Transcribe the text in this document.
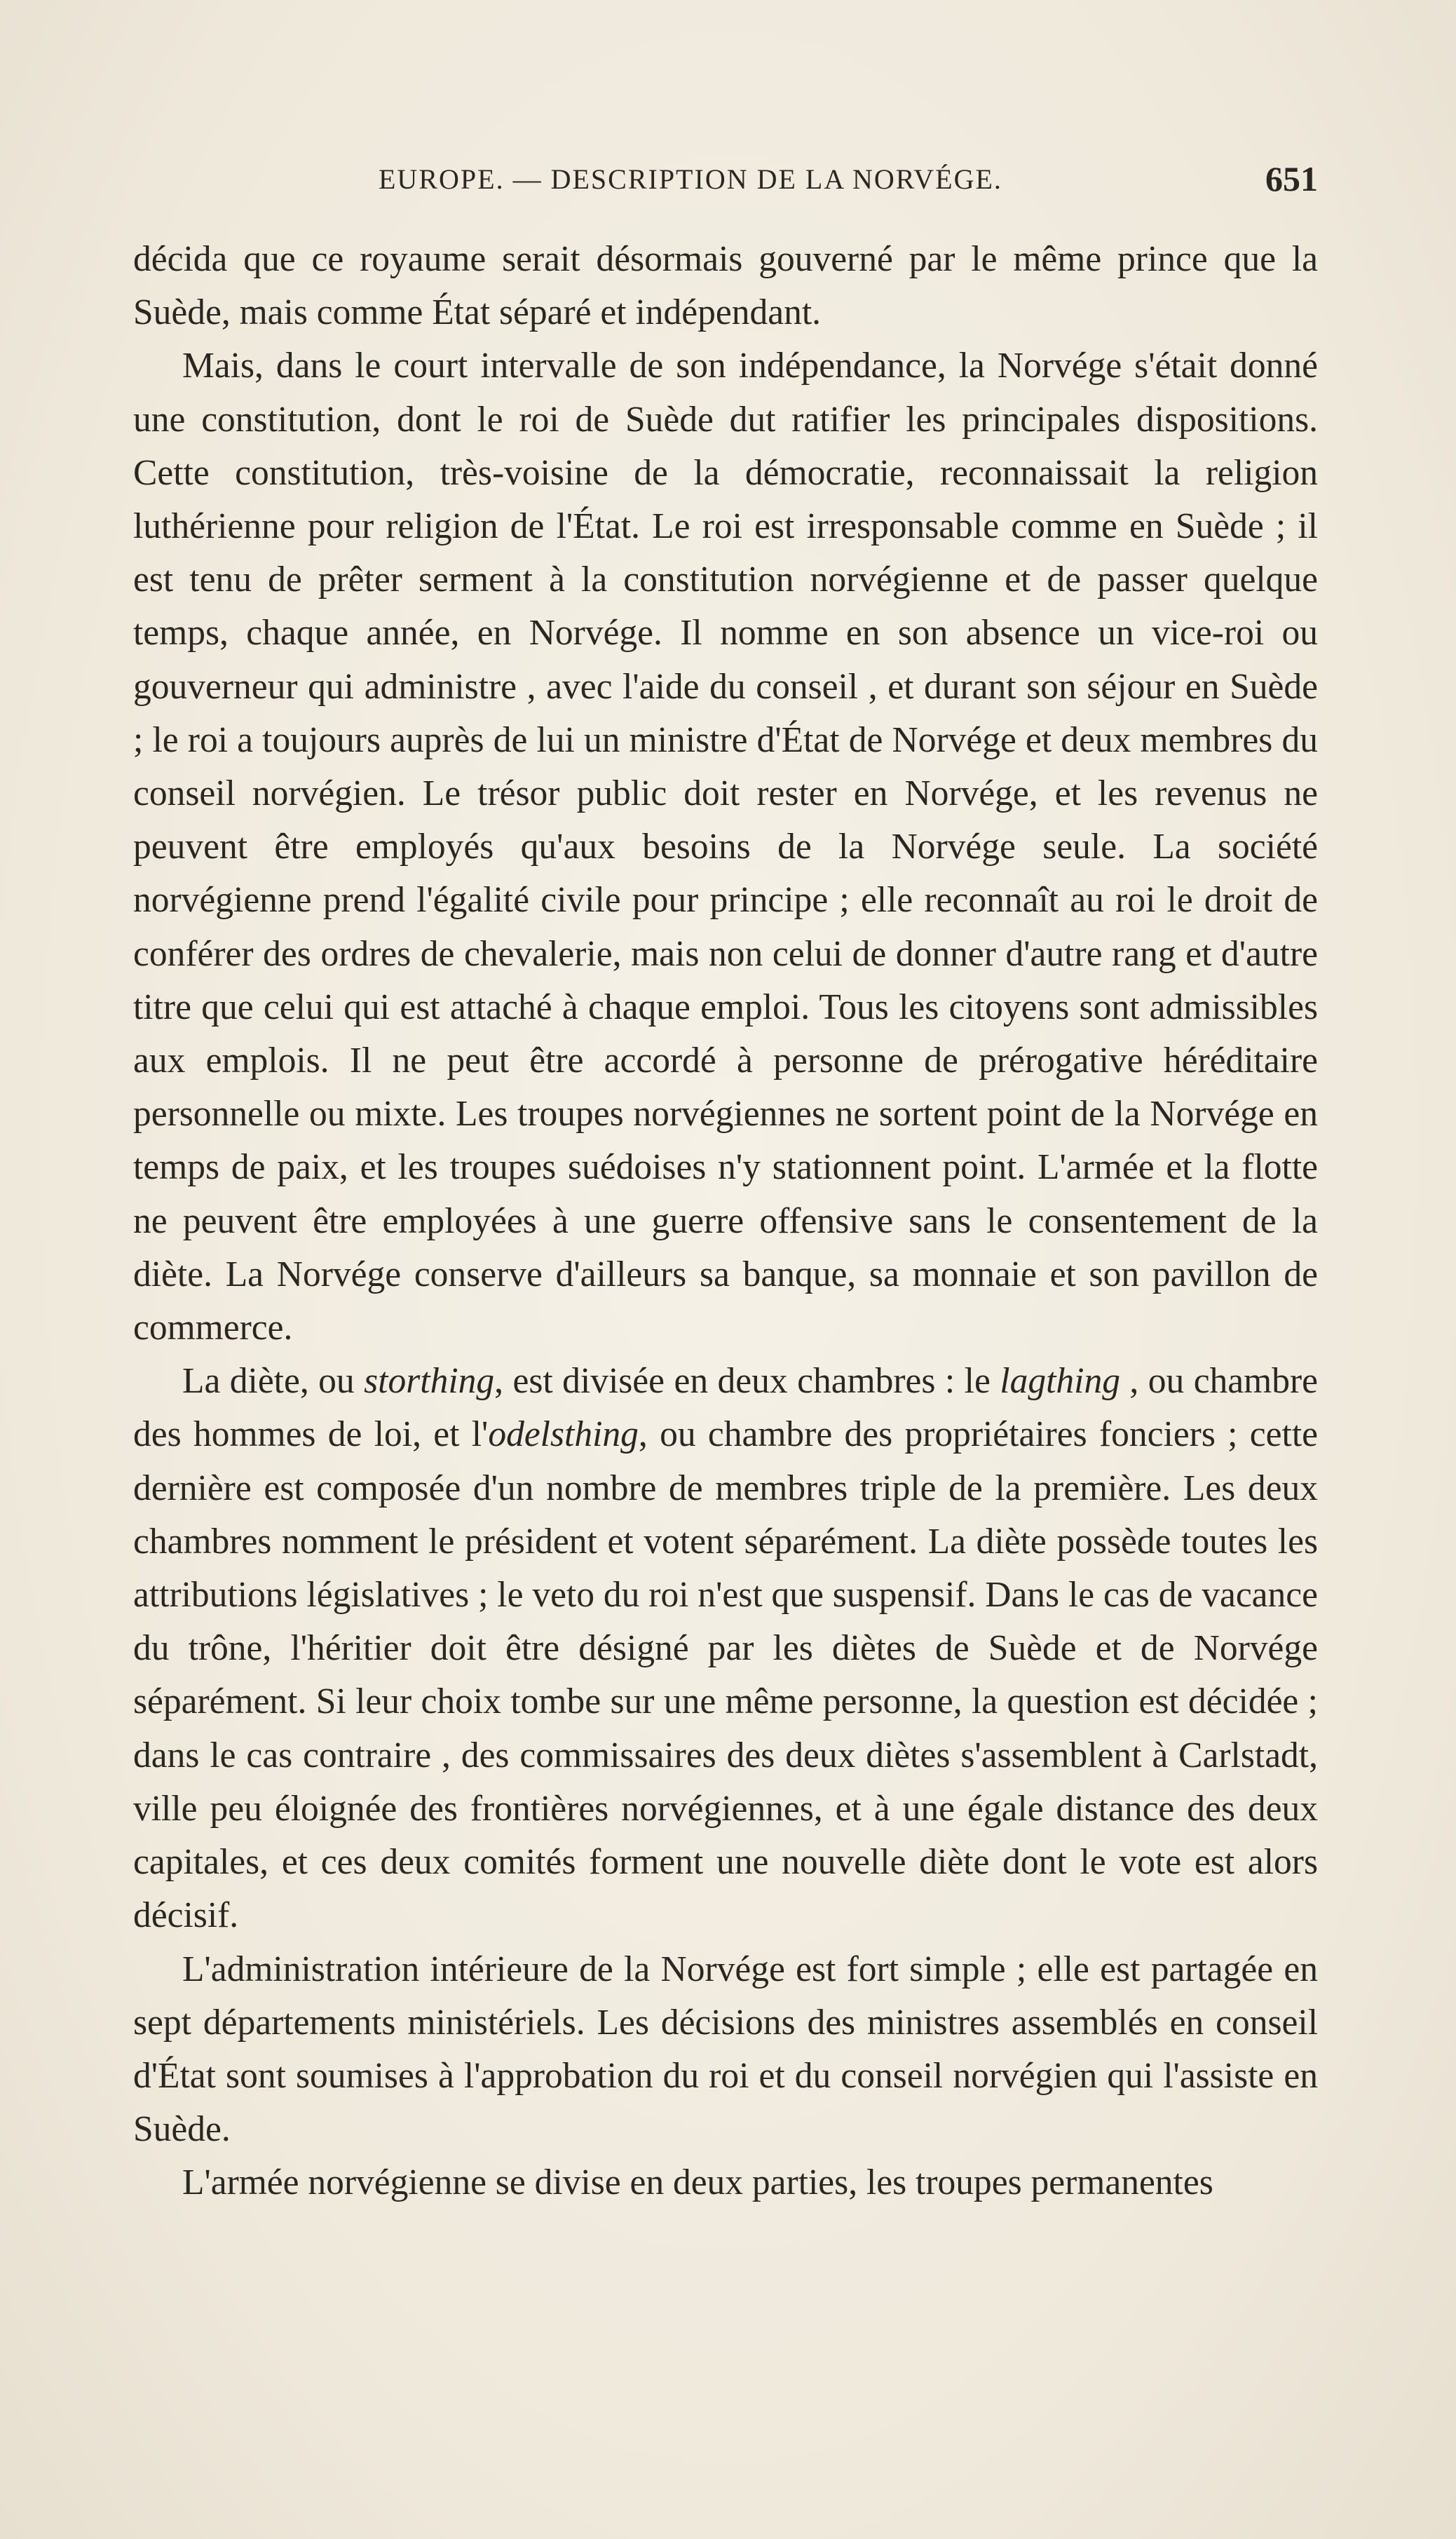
EUROPE. — DESCRIPTION DE LA NORVÉGE.	651

décida que ce royaume serait désormais gouverné par le même prince que la Suède, mais comme État séparé et indépendant.

Mais, dans le court intervalle de son indépendance, la Norvége s'était donné une constitution, dont le roi de Suède dut ratifier les principales dispositions. Cette constitution, très-voisine de la démocratie, reconnaissait la religion luthérienne pour religion de l'État. Le roi est irresponsable comme en Suède ; il est tenu de prêter serment à la constitution norvégienne et de passer quelque temps, chaque année, en Norvége. Il nomme en son absence un vice-roi ou gouverneur qui administre , avec l'aide du conseil , et durant son séjour en Suède ; le roi a toujours auprès de lui un ministre d'État de Norvége et deux membres du conseil norvégien. Le trésor public doit rester en Norvége, et les revenus ne peuvent être employés qu'aux besoins de la Norvége seule. La société norvégienne prend l'égalité civile pour principe ; elle reconnaît au roi le droit de conférer des ordres de chevalerie, mais non celui de donner d'autre rang et d'autre titre que celui qui est attaché à chaque emploi. Tous les citoyens sont admissibles aux emplois. Il ne peut être accordé à personne de prérogative héréditaire personnelle ou mixte. Les troupes norvégiennes ne sortent point de la Norvége en temps de paix, et les troupes suédoises n'y stationnent point. L'armée et la flotte ne peuvent être employées à une guerre offensive sans le consentement de la diète. La Norvége conserve d'ailleurs sa banque, sa monnaie et son pavillon de commerce.

La diète, ou storthing, est divisée en deux chambres : le lagthing , ou chambre des hommes de loi, et l'odelsthing, ou chambre des propriétaires fonciers ; cette dernière est composée d'un nombre de membres triple de la première. Les deux chambres nomment le président et votent séparément. La diète possède toutes les attributions législatives ; le veto du roi n'est que suspensif. Dans le cas de vacance du trône, l'héritier doit être désigné par les diètes de Suède et de Norvége séparément. Si leur choix tombe sur une même personne, la question est décidée ; dans le cas contraire , des commissaires des deux diètes s'assemblent à Carlstadt, ville peu éloignée des frontières norvégiennes, et à une égale distance des deux capitales, et ces deux comités forment une nouvelle diète dont le vote est alors décisif.

L'administration intérieure de la Norvége est fort simple ; elle est partagée en sept départements ministériels. Les décisions des ministres assemblés en conseil d'État sont soumises à l'approbation du roi et du conseil norvégien qui l'assiste en Suède.

L'armée norvégienne se divise en deux parties, les troupes permanentes
